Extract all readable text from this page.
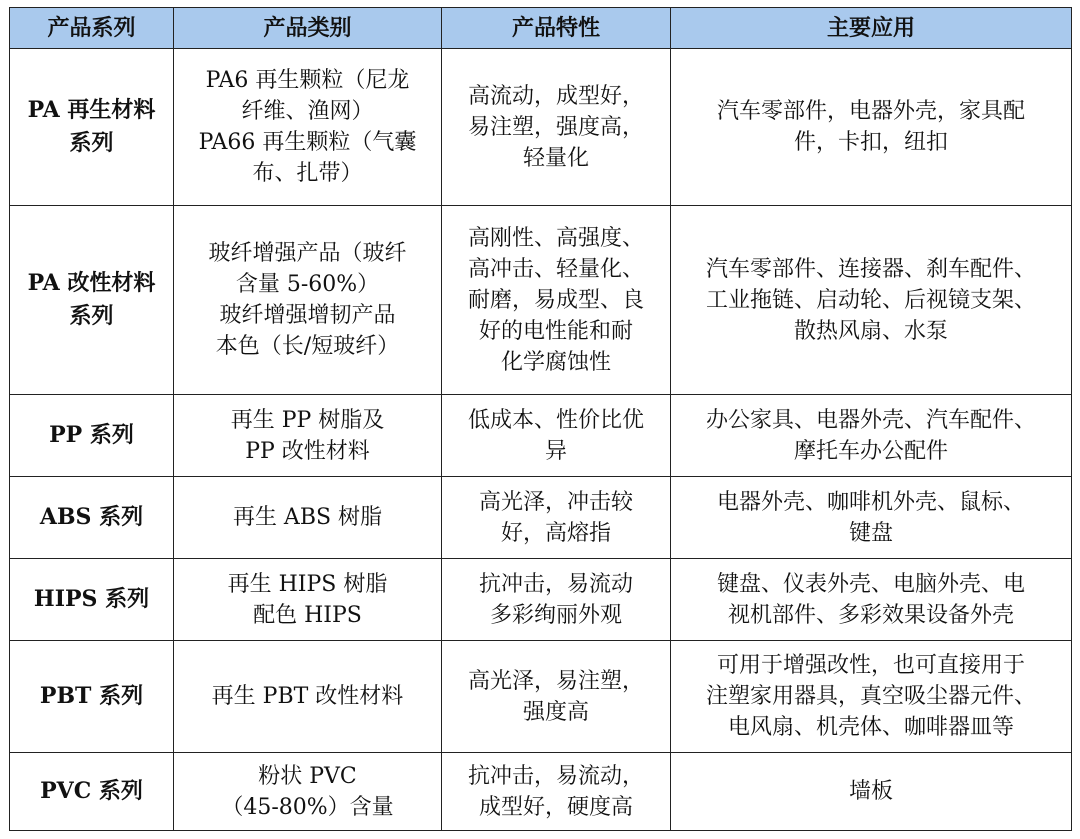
产品系列	产品类别	产品特性	主要应用

PA 再生材料
系列	PA6 再生颗粒（尼龙
纤维、渔网）
PA66 再生颗粒（气囊
布、扎带）	高流动，成型好，
易注塑，强度高，
轻量化	汽车零部件，电器外壳，家具配
件，卡扣，纽扣

PA 改性材料
系列	玻纤增强产品（玻纤
含量 5-60%）
玻纤增强增韧产品
本色（长/短玻纤）	高刚性、高强度、
高冲击、轻量化、
耐磨，易成型、良
好的电性能和耐
化学腐蚀性	汽车零部件、连接器、刹车配件、
工业拖链、启动轮、后视镜支架、
散热风扇、水泵

PP 系列	再生 PP 树脂及
PP 改性材料	低成本、性价比优
异	办公家具、电器外壳、汽车配件、
摩托车办公配件

ABS 系列	再生 ABS 树脂	高光泽，冲击较
好，高熔指	电器外壳、咖啡机外壳、鼠标、
键盘

HIPS 系列	再生 HIPS 树脂
配色 HIPS	抗冲击，易流动
多彩绚丽外观	键盘、仪表外壳、电脑外壳、电
视机部件、多彩效果设备外壳

PBT 系列	再生 PBT 改性材料	高光泽，易注塑，
强度高	可用于增强改性，也可直接用于
注塑家用器具，真空吸尘器元件、
电风扇、机壳体、咖啡器皿等

PVC 系列	粉状 PVC
（45-80%）含量	抗冲击，易流动，
成型好，硬度高	墙板
